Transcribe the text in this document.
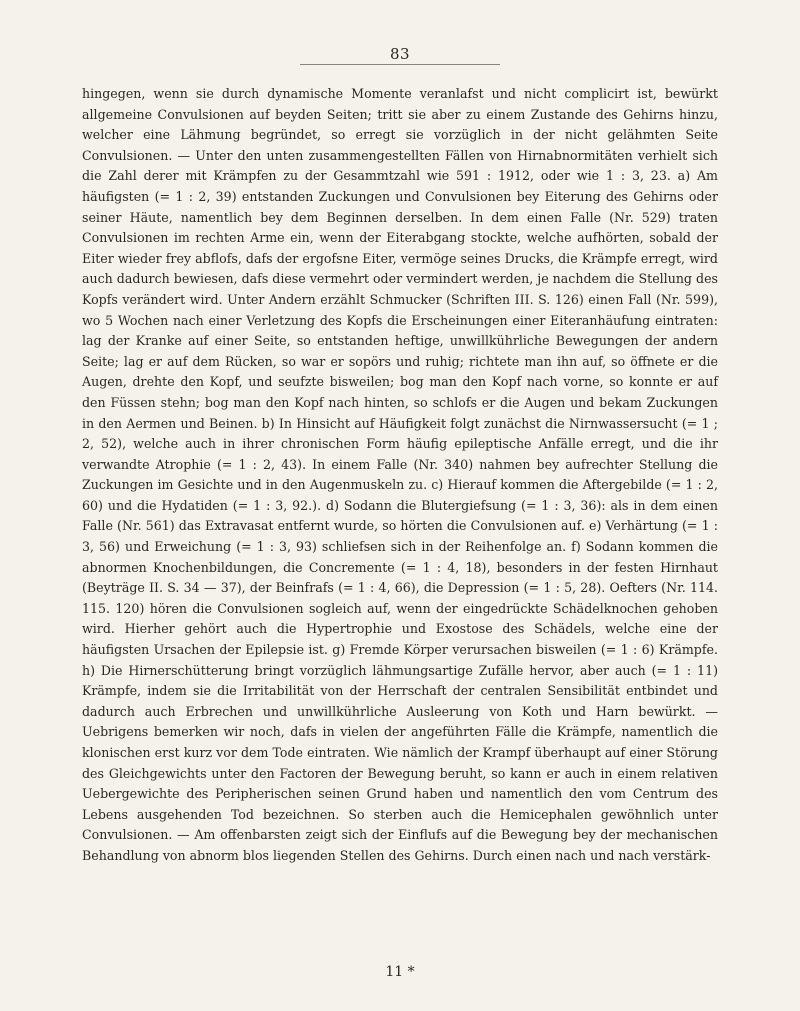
83

hingegen, wenn sie durch dynamische Momente veranlafst und nicht complicirt ist, bewürkt allgemeine Convulsionen auf beyden Seiten; tritt sie aber zu einem Zustande des Gehirns hinzu, welcher eine Lähmung begründet, so erregt sie vorzüglich in der nicht gelähmten Seite Convulsionen. — Unter den unten zusammengestellten Fällen von Hirnabnormitäten verhielt sich die Zahl derer mit Krämpfen zu der Gesammtzahl wie 591 : 1912, oder wie 1 : 3, 23. a) Am häufigsten (= 1 : 2, 39) entstanden Zuckungen und Convulsionen bey Eiterung des Gehirns oder seiner Häute, namentlich bey dem Beginnen derselben. In dem einen Falle (Nr. 529) traten Convulsionen im rechten Arme ein, wenn der Eiterabgang stockte, welche aufhörten, sobald der Eiter wieder frey abflofs, dafs der ergofsne Eiter, vermöge seines Drucks, die Krämpfe erregt, wird auch dadurch bewiesen, dafs diese vermehrt oder vermindert werden, je nachdem die Stellung des Kopfs verändert wird. Unter Andern erzählt Schmucker (Schriften III. S. 126) einen Fall (Nr. 599), wo 5 Wochen nach einer Verletzung des Kopfs die Erscheinungen einer Eiteranhäufung eintraten: lag der Kranke auf einer Seite, so entstanden heftige, unwillkührliche Bewegungen der andern Seite; lag er auf dem Rücken, so war er sopörs und ruhig; richtete man ihn auf, so öffnete er die Augen, drehte den Kopf, und seufzte bisweilen; bog man den Kopf nach vorne, so konnte er auf den Füssen stehn; bog man den Kopf nach hinten, so schlofs er die Augen und bekam Zuckungen in den Aermen und Beinen. b) In Hinsicht auf Häufigkeit folgt zunächst die Nirnwassersucht (= 1 ; 2, 52), welche auch in ihrer chronischen Form häufig epileptische Anfälle erregt, und die ihr verwandte Atrophie (= 1 : 2, 43). In einem Falle (Nr. 340) nahmen bey aufrechter Stellung die Zuckungen im Gesichte und in den Augenmuskeln zu. c) Hierauf kommen die Aftergebilde (= 1 : 2, 60) und die Hydatiden (= 1 : 3, 92.). d) Sodann die Blutergiefsung (= 1 : 3, 36): als in dem einen Falle (Nr. 561) das Extravasat entfernt wurde, so hörten die Convulsionen auf. e) Verhärtung (= 1 : 3, 56) und Erweichung (= 1 : 3, 93) schliefsen sich in der Reihenfolge an. f) Sodann kommen die abnormen Knochenbildungen, die Concremente (= 1 : 4, 18), besonders in der festen Hirnhaut (Beyträge II. S. 34 — 37), der Beinfrafs (= 1 : 4, 66), die Depression (= 1 : 5, 28). Oefters (Nr. 114. 115. 120) hören die Convulsionen sogleich auf, wenn der eingedrückte Schädelknochen gehoben wird. Hierher gehört auch die Hypertrophie und Exostose des Schädels, welche eine der häufigsten Ursachen der Epilepsie ist. g) Fremde Körper verursachen bisweilen (= 1 : 6) Krämpfe. h) Die Hirnerschütterung bringt vorzüglich lähmungsartige Zufälle hervor, aber auch (= 1 : 11) Krämpfe, indem sie die Irritabilität von der Herrschaft der centralen Sensibilität entbindet und dadurch auch Erbrechen und unwillkührliche Ausleerung von Koth und Harn bewürkt. — Uebrigens bemerken wir noch, dafs in vielen der angeführten Fälle die Krämpfe, namentlich die klonischen erst kurz vor dem Tode eintraten. Wie nämlich der Krampf überhaupt auf einer Störung des Gleichgewichts unter den Factoren der Bewegung beruht, so kann er auch in einem relativen Uebergewichte des Peripherischen seinen Grund haben und namentlich den vom Centrum des Lebens ausgehenden Tod bezeichnen. So sterben auch die Hemicephalen gewöhnlich unter Convulsionen. — Am offenbarsten zeigt sich der Einflufs auf die Bewegung bey der mechanischen Behandlung von abnorm blos liegenden Stellen des Gehirns. Durch einen nach und nach verstärk-

11 *
